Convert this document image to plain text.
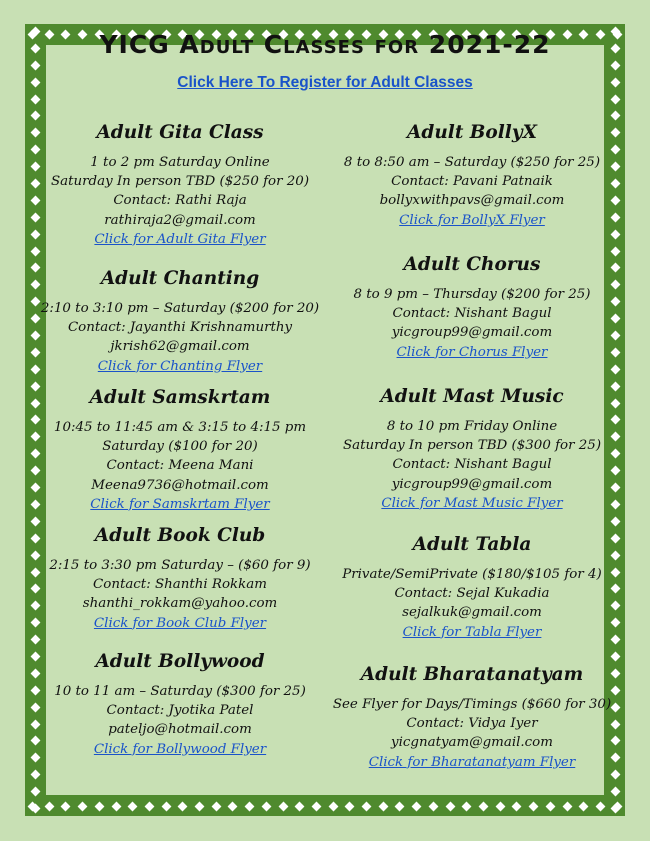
YICG Adult Classes for 2021-22
Click Here To Register for Adult Classes
Adult Gita Class
1 to 2 pm Saturday Online
Saturday In person TBD ($250 for 20)
Contact: Rathi Raja
rathiraja2@gmail.com
Click for Adult Gita Flyer
Adult Chanting
2:10 to 3:10 pm – Saturday ($200 for 20)
Contact: Jayanthi Krishnamurthy
jkrish62@gmail.com
Click for Chanting Flyer
Adult Samskrtam
10:45 to 11:45 am & 3:15 to 4:15 pm
Saturday ($100 for 20)
Contact: Meena Mani
Meena9736@hotmail.com
Click for Samskrtam Flyer
Adult Book Club
2:15 to 3:30 pm Saturday – ($60 for 9)
Contact: Shanthi Rokkam
shanthi_rokkam@yahoo.com
Click for Book Club Flyer
Adult Bollywood
10 to 11 am – Saturday ($300 for 25)
Contact: Jyotika Patel
pateljo@hotmail.com
Click for Bollywood Flyer
Adult BollyX
8 to 8:50 am – Saturday ($250 for 25)
Contact: Pavani Patnaik
bollyxwithpavs@gmail.com
Click for BollyX Flyer
Adult Chorus
8 to 9 pm – Thursday ($200 for 25)
Contact: Nishant Bagul
yicgroup99@gmail.com
Click for Chorus Flyer
Adult Mast Music
8 to 10 pm Friday Online
Saturday In person TBD ($300 for 25)
Contact: Nishant Bagul
yicgroup99@gmail.com
Click for Mast Music Flyer
Adult Tabla
Private/SemiPrivate ($180/$105 for 4)
Contact: Sejal Kukadia
sejalkuk@gmail.com
Click for Tabla Flyer
Adult Bharatanatyam
See Flyer for Days/Timings ($660 for 30)
Contact: Vidya Iyer
yicgnatyam@gmail.com
Click for Bharatanatyam Flyer
